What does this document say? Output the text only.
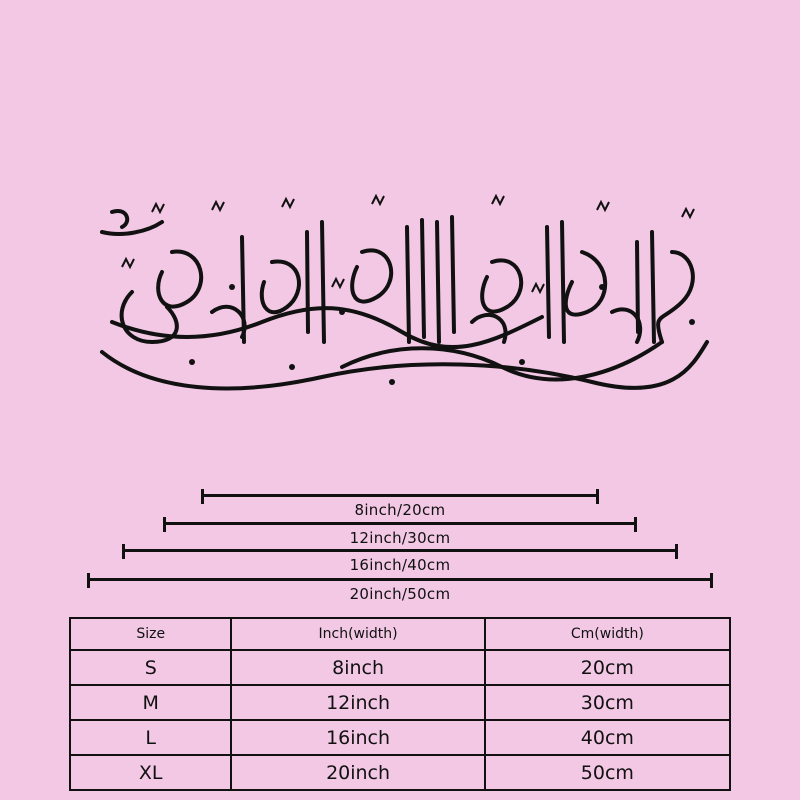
8inch/20cm
12inch/30cm
16inch/40cm
20inch/50cm
Size	Inch(width)	Cm(width)
S	8inch	20cm
M	12inch	30cm
L	16inch	40cm
XL	20inch	50cm
